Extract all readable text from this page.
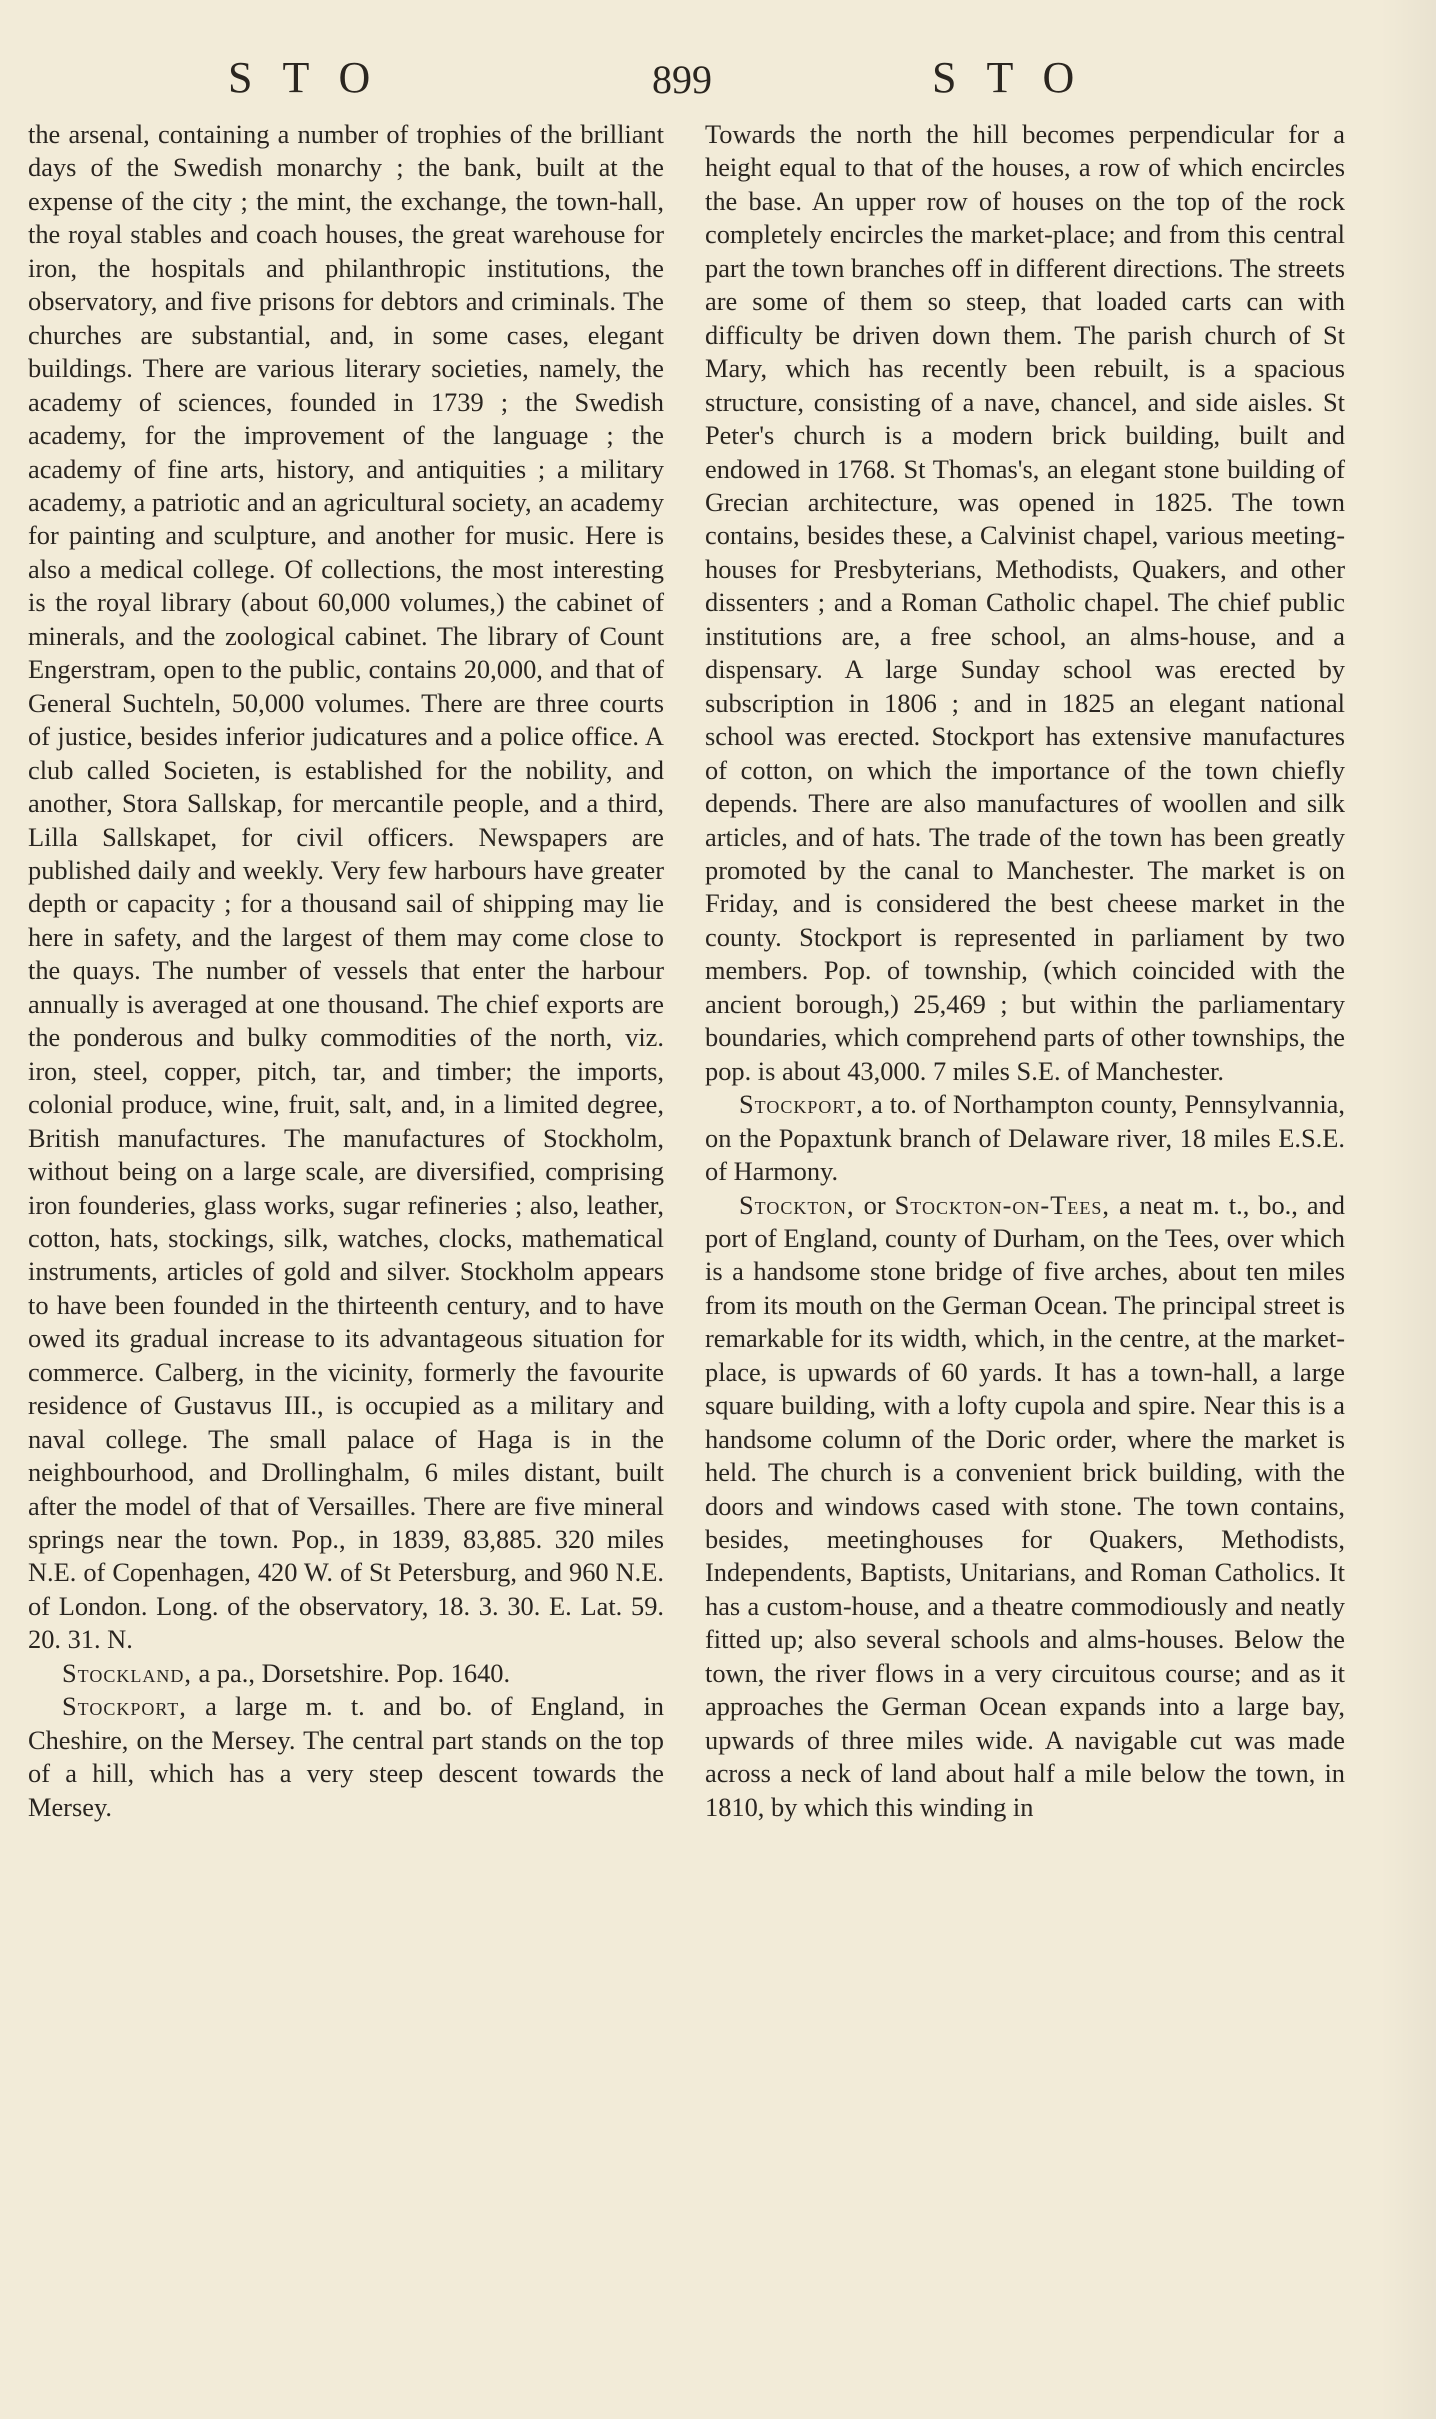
STO	899	STO

the arsenal, containing a number of trophies of the brilliant days of the Swedish monarchy ; the bank, built at the expense of the city ; the mint, the exchange, the town-hall, the royal stables and coach houses, the great warehouse for iron, the hospitals and philanthropic institutions, the observatory, and five prisons for debtors and criminals. The churches are substantial, and, in some cases, elegant buildings. There are various literary societies, namely, the academy of sciences, founded in 1739 ; the Swedish academy, for the improvement of the language ; the academy of fine arts, history, and antiquities ; a military academy, a patriotic and an agricultural society, an academy for painting and sculpture, and another for music. Here is also a medical college. Of collections, the most interesting is the royal library (about 60,000 volumes,) the cabinet of minerals, and the zoological cabinet. The library of Count Engerstram, open to the public, contains 20,000, and that of General Suchteln, 50,000 volumes. There are three courts of justice, besides inferior judicatures and a police office. A club called Societen, is established for the nobility, and another, Stora Sallskap, for mercantile people, and a third, Lilla Sallskapet, for civil officers. Newspapers are published daily and weekly. Very few harbours have greater depth or capacity ; for a thousand sail of shipping may lie here in safety, and the largest of them may come close to the quays. The number of vessels that enter the harbour annually is averaged at one thousand. The chief exports are the ponderous and bulky commodities of the north, viz. iron, steel, copper, pitch, tar, and timber; the imports, colonial produce, wine, fruit, salt, and, in a limited degree, British manufactures. The manufactures of Stockholm, without being on a large scale, are diversified, comprising iron founderies, glass works, sugar refineries ; also, leather, cotton, hats, stockings, silk, watches, clocks, mathematical instruments, articles of gold and silver. Stockholm appears to have been founded in the thirteenth century, and to have owed its gradual increase to its advantageous situation for commerce. Calberg, in the vicinity, formerly the favourite residence of Gustavus III., is occupied as a military and naval college. The small palace of Haga is in the neighbourhood, and Drollinghalm, 6 miles distant, built after the model of that of Versailles. There are five mineral springs near the town. Pop., in 1839, 83,885. 320 miles N.E. of Copenhagen, 420 W. of St Petersburg, and 960 N.E. of London. Long. of the observatory, 18. 3. 30. E. Lat. 59. 20. 31. N.

Stockland, a pa., Dorsetshire. Pop. 1640.

Stockport, a large m. t. and bo. of England, in Cheshire, on the Mersey. The central part stands on the top of a hill, which has a very steep descent towards the Mersey.

Towards the north the hill becomes perpendicular for a height equal to that of the houses, a row of which encircles the base. An upper row of houses on the top of the rock completely encircles the market-place; and from this central part the town branches off in different directions. The streets are some of them so steep, that loaded carts can with difficulty be driven down them. The parish church of St Mary, which has recently been rebuilt, is a spacious structure, consisting of a nave, chancel, and side aisles. St Peter's church is a modern brick building, built and endowed in 1768. St Thomas's, an elegant stone building of Grecian architecture, was opened in 1825. The town contains, besides these, a Calvinist chapel, various meeting-houses for Presbyterians, Methodists, Quakers, and other dissenters ; and a Roman Catholic chapel. The chief public institutions are, a free school, an alms-house, and a dispensary. A large Sunday school was erected by subscription in 1806 ; and in 1825 an elegant national school was erected. Stockport has extensive manufactures of cotton, on which the importance of the town chiefly depends. There are also manufactures of woollen and silk articles, and of hats. The trade of the town has been greatly promoted by the canal to Manchester. The market is on Friday, and is considered the best cheese market in the county. Stockport is represented in parliament by two members. Pop. of township, (which coincided with the ancient borough,) 25,469 ; but within the parliamentary boundaries, which comprehend parts of other townships, the pop. is about 43,000. 7 miles S.E. of Manchester.

Stockport, a to. of Northampton county, Pennsylvannia, on the Popaxtunk branch of Delaware river, 18 miles E.S.E. of Harmony.

Stockton, or Stockton-on-Tees, a neat m. t., bo., and port of England, county of Durham, on the Tees, over which is a handsome stone bridge of five arches, about ten miles from its mouth on the German Ocean. The principal street is remarkable for its width, which, in the centre, at the market-place, is upwards of 60 yards. It has a town-hall, a large square building, with a lofty cupola and spire. Near this is a handsome column of the Doric order, where the market is held. The church is a convenient brick building, with the doors and windows cased with stone. The town contains, besides, meetinghouses for Quakers, Methodists, Independents, Baptists, Unitarians, and Roman Catholics. It has a custom-house, and a theatre commodiously and neatly fitted up; also several schools and alms-houses. Below the town, the river flows in a very circuitous course; and as it approaches the German Ocean expands into a large bay, upwards of three miles wide. A navigable cut was made across a neck of land about half a mile below the town, in 1810, by which this winding in
